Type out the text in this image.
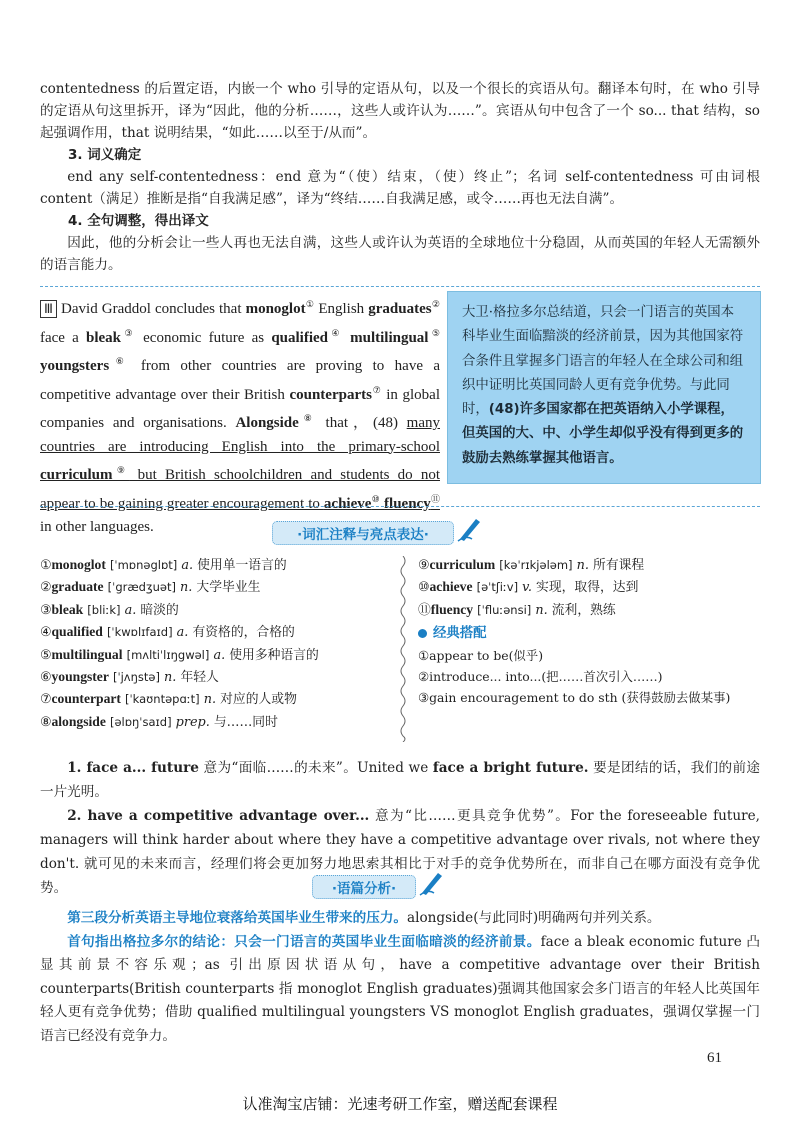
contentedness 的后置定语，内嵌一个 who 引导的定语从句，以及一个很长的宾语从句。翻译本句时，在 who 引导的定语从句这里拆开，译为“因此，他的分析……，这些人或许认为……”。宾语从句中包含了一个 so... that 结构，so 起强调作用，that 说明结果，“如此……以至于/从而”。
3. 词义确定
end any self-contentedness：end 意为“（使）结束，（使）终止”；名词 self-contentedness 可由词根 content（满足）推断是指“自我满足感”，译为“终结……自我满足感，或令……再也无法自满”。
4. 全句调整，得出译文
因此，他的分析会让一些人再也无法自满，这些人或许认为英语的全球地位十分稳固，从而英国的年轻人无需额外的语言能力。
Ⅲ David Graddol concludes that monoglot① English graduates② face a bleak③ economic future as qualified④ multilingual⑤ youngsters⑥ from other countries are proving to have a competitive advantage over their British counterparts⑦ in global companies and organisations. Alongside⑧ that，(48) many countries are introducing English into the primary-school curriculum⑨ but British schoolchildren and students do not appear to be gaining greater encouragement to achieve⑩ fluency⑪ in other languages.
大卫·格拉多尔总结道，只会一门语言的英国本科毕业生面临黯淡的经济前景，因为其他国家符合条件且掌握多门语言的年轻人在全球公司和组织中证明比英国同龄人更有竞争优势。与此同时，(48)许多国家都在把英语纳入小学课程，但英国的大、中、小学生却似乎没有得到更多的鼓励去熟练掌握其他语言。
·词汇注释与亮点表达·
①monoglot [ˈmɒnəglɒt] a. 使用单一语言的
②graduate [ˈgrædʒuət] n. 大学毕业生
③bleak [bliːk] a. 暗淡的
④qualified [ˈkwɒlɪfaɪd] a. 有资格的，合格的
⑤multilingual [mʌltiˈlɪŋgwəl] a. 使用多种语言的
⑥youngster [ˈjʌŋstə] n. 年轻人
⑦counterpart [ˈkaʊntəpɑːt] n. 对应的人或物
⑧alongside [əlɒŋˈsaɪd] prep. 与……同时
⑨curriculum [kəˈrɪkjələm] n. 所有课程
⑩achieve [əˈtʃiːv] v. 实现，取得，达到
⑪fluency [ˈfluːənsi] n. 流利，熟练
经典搭配
①appear to be(似乎)
②introduce... into...(把……首次引入……)
③gain encouragement to do sth (获得鼓励去做某事)
1. face a... future 意为“面临……的未来”。United we face a bright future. 要是团结的话，我们的前途一片光明。
2. have a competitive advantage over... 意为“比……更具竞争优势”。For the foreseeable future, managers will think harder about where they have a competitive advantage over rivals, not where they don't. 就可见的未来而言，经理们将会更加努力地思索其相比于对手的竞争优势所在，而非自己在哪方面没有竞争优势。	·语篇分析·
第三段分析英语主导地位衰落给英国毕业生带来的压力。alongside(与此同时)明确两句并列关系。
首句指出格拉多尔的结论：只会一门语言的英国毕业生面临暗淡的经济前景。face a bleak economic future 凸显其前景不容乐观；as 引出原因状语从句，have a competitive advantage over their British counterparts(British counterparts 指 monoglot English graduates)强调其他国家会多门语言的年轻人比英国年轻人更有竞争优势；借助 qualified multilingual youngsters VS monoglot English graduates，强调仅掌握一门语言已经没有竞争力。
61
认准淘宝店铺：光速考研工作室，赠送配套课程
